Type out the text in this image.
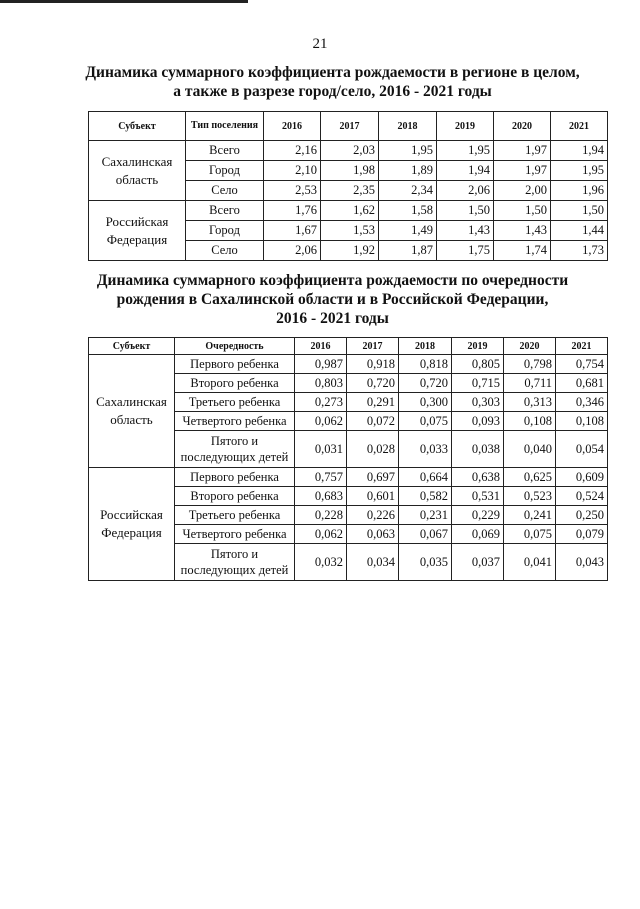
21
Динамика суммарного коэффициента рождаемости в регионе в целом,
а также в разрезе город/село, 2016 - 2021 годы
Субъект	Тип поселения	2016	2017	2018	2019	2020	2021
Сахалинская область	Всего	2,16	2,03	1,95	1,95	1,97	1,94
	Город	2,10	1,98	1,89	1,94	1,97	1,95
	Село	2,53	2,35	2,34	2,06	2,00	1,96
Российская Федерация	Всего	1,76	1,62	1,58	1,50	1,50	1,50
	Город	1,67	1,53	1,49	1,43	1,43	1,44
	Село	2,06	1,92	1,87	1,75	1,74	1,73
Динамика суммарного коэффициента рождаемости по очередности
рождения в Сахалинской области и в Российской Федерации,
2016 - 2021 годы
Субъект	Очередность	2016	2017	2018	2019	2020	2021
Сахалинская область	Первого ребенка	0,987	0,918	0,818	0,805	0,798	0,754
	Второго ребенка	0,803	0,720	0,720	0,715	0,711	0,681
	Третьего ребенка	0,273	0,291	0,300	0,303	0,313	0,346
	Четвертого ребенка	0,062	0,072	0,075	0,093	0,108	0,108
	Пятого и последующих детей	0,031	0,028	0,033	0,038	0,040	0,054
Российская Федерация	Первого ребенка	0,757	0,697	0,664	0,638	0,625	0,609
	Второго ребенка	0,683	0,601	0,582	0,531	0,523	0,524
	Третьего ребенка	0,228	0,226	0,231	0,229	0,241	0,250
	Четвертого ребенка	0,062	0,063	0,067	0,069	0,075	0,079
	Пятого и последующих детей	0,032	0,034	0,035	0,037	0,041	0,043
